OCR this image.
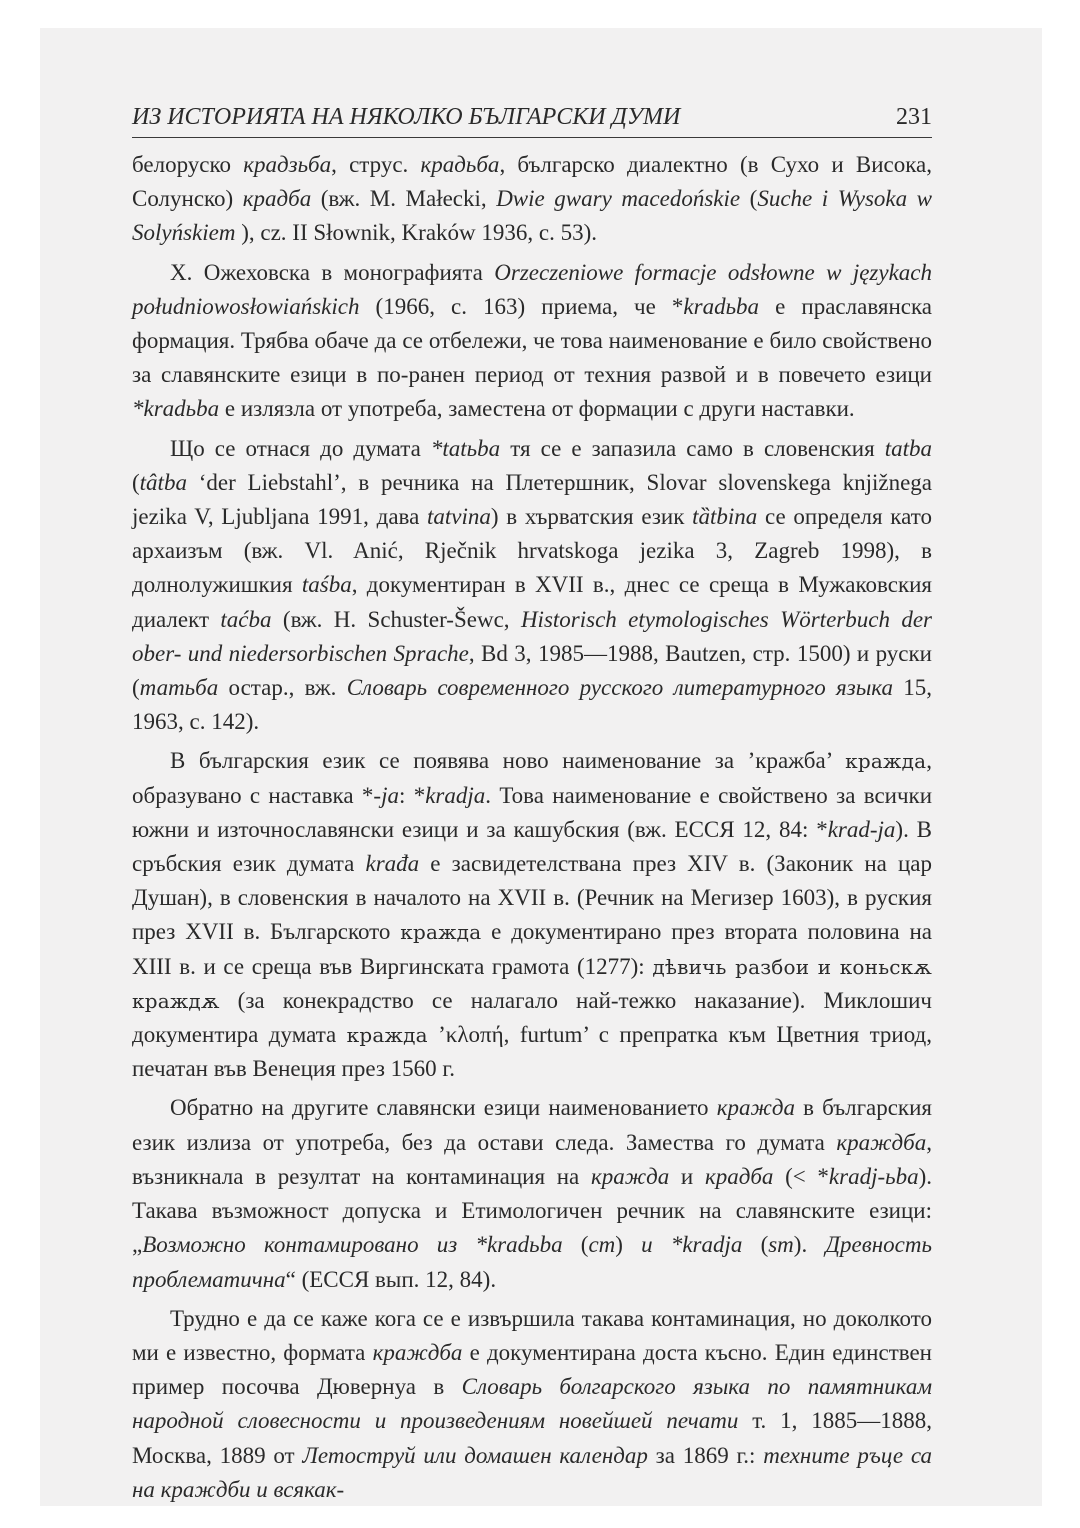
ИЗ ИСТОРИЯТА НА НЯКОЛКО БЪЛГАРСКИ ДУМИ	231

белоруско крадзьба, струс. крадьба, българско диалектно (в Сухо и Висока, Солунско) крадба (вж. M. Małecki, Dwie gwary macedońskie (Suche i Wysoka w Solуńskiem ), cz. II Słownik, Kraków 1936, с. 53).

Х. Ожеховска в монографията Orzeczeniowe formacje odsłowne w językach południowosłowiańskich (1966, с. 163) приема, че *kradьba е праславянска формация. Трябва обаче да се отбележи, че това наименование е било свойствено за славянските езици в по-ранен период от техния развой и в повечето езици *kradьba е излязла от употреба, заместена от формации с други наставки.

Що се отнася до думата *tatьba тя се е запазила само в словенския tatba (tâtba ‘der Liebstahl’, в речника на Плетершник, Slovar slovenskega knjižnega jezika V, Ljubljana 1991, дава tatvina) в хърватския език tȁtbina се определя като архаизъм (вж. Vl. Anić, Rječnik hrvatskoga jezika 3, Zagreb 1998), в долнолужишкия taśba, документиран в XVII в., днес се среща в Мужаковския диалект taćba (вж. H. Schuster-Šewc, Historisch etymologisches Wörterbuch der ober- und niedersorbischen Sprache, Bd 3, 1985—1988, Bautzen, стр. 1500) и руски (татьба остар., вж. Словарь современного русского литературного языка 15, 1963, с. 142).

В българския език се появява ново наименование за ’кражба’ кражда, образувано с наставка *-ja: *kradja. Това наименование е свойствено за всички южни и източнославянски езици и за кашубския (вж. ЕССЯ 12, 84: *krad-ja). В сръбския език думата krađa е засвидетелствана през XIV в. (Законик на цар Душан), в словенския в началото на XVII в. (Речник на Мегизер 1603), в руския през XVII в. Българското кражда е документирано през втората половина на XIII в. и се среща във Виргинската грамота (1277): дѣвичь разбои и коньскѫ краждѫ (за конекрадство се налагало най-тежко наказание). Миклошич документира думата кражда ’κλοπή, furtum’ с препратка към Цветния триод, печатан във Венеция през 1560 г.

Обратно на другите славянски езици наименованието кражда в българския език излиза от употреба, без да остави следа. Замества го думата краждба, възникнала в резултат на контаминация на кражда и крадба (< *kradj-ьba). Такава възможност допуска и Етимологичен речник на славянските езици: „Возможно контамировано из *kradьba (cm) и *kradja (sm). Древность проблематична“ (ЕССЯ вып. 12, 84).

Трудно е да се каже кога се е извършила такава контаминация, но доколкото ми е известно, формата краждба е документирана доста късно. Един единствен пример посочва Дювернуа в Словарь болгарского языка по памятникам народной словесности и произведениям новейшей печати т. 1, 1885—1888, Москва, 1889 от Летоструй или домашен календар за 1869 г.: техните ръце са на краждби и всякак-
